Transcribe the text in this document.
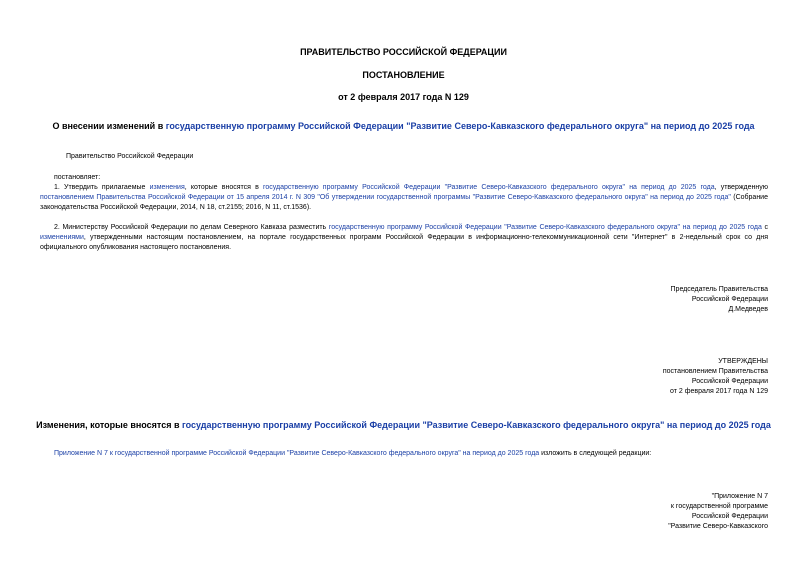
ПРАВИТЕЛЬСТВО РОССИЙСКОЙ ФЕДЕРАЦИИ
ПОСТАНОВЛЕНИЕ
от 2 февраля 2017 года N 129
О внесении изменений в государственную программу Российской Федерации "Развитие Северо-Кавказского федерального округа" на период до 2025 года
Правительство Российской Федерации
постановляет:
1. Утвердить прилагаемые изменения, которые вносятся в государственную программу Российской Федерации "Развитие Северо-Кавказского федерального округа" на период до 2025 года, утвержденную постановлением Правительства Российской Федерации от 15 апреля 2014 г. N 309 "Об утверждении государственной программы "Развитие Северо-Кавказского федерального округа" на период до 2025 года" (Собрание законодательства Российской Федерации, 2014, N 18, ст.2155; 2016, N 11, ст.1536).
2. Министерству Российской Федерации по делам Северного Кавказа разместить государственную программу Российской Федерации "Развитие Северо-Кавказского федерального округа" на период до 2025 года с изменениями, утвержденными настоящим постановлением, на портале государственных программ Российской Федерации в информационно-телекоммуникационной сети "Интернет" в 2-недельный срок со дня официального опубликования настоящего постановления.
Председатель Правительства
Российской Федерации
Д.Медведев
УТВЕРЖДЕНЫ
постановлением Правительства
Российской Федерации
от 2 февраля 2017 года N 129
Изменения, которые вносятся в государственную программу Российской Федерации "Развитие Северо-Кавказского федерального округа" на период до 2025 года
Приложение N 7 к государственной программе Российской Федерации "Развитие Северо-Кавказского федерального округа" на период до 2025 года изложить в следующей редакции:
"Приложение N 7
к государственной программе
Российской Федерации
"Развитие Северо-Кавказского
